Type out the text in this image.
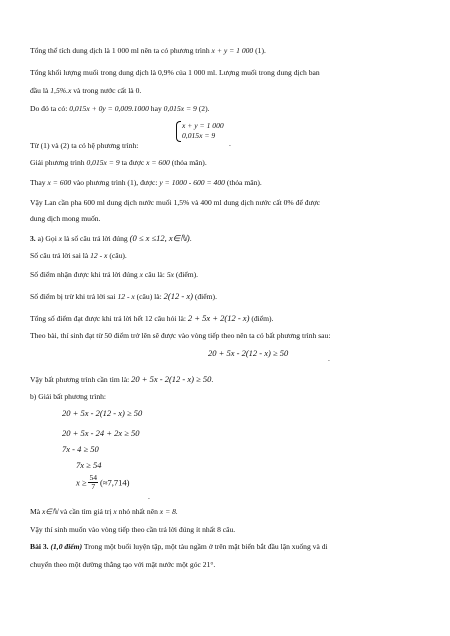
Tổng thể tích dung dịch là 1 000 ml nên ta có phương trình x + y = 1 000 (1).
Tổng khối lượng muối trong dung dịch là 0,9% của 1 000 ml. Lượng muối trong dung dịch ban
đầu là 1,5%.x và trong nước cất là 0.
Do đó ta có: 0,015x + 0y = 0,009.1000 hay 0,015x = 9 (2).
x + y = 1 000
0,015x = 9
Từ (1) và (2) ta có hệ phương trình:	.
Giải phương trình 0,015x = 9 ta được x = 600 (thỏa mãn).
Thay x = 600 vào phương trình (1), được: y = 1000 - 600 = 400 (thỏa mãn).
Vậy Lan cần pha 600 ml dung dịch nước muối 1,5% và 400 ml dung dịch nước cất 0% để được
dung dịch mong muốn.
3. a) Gọi x là số câu trả lời đúng (0 ≤ x ≤12, x∈ℕ).
Số câu trả lời sai là 12 - x (câu).
Số điểm nhận được khi trả lời đúng x câu là: 5x (điểm).
Số điểm bị trừ khi trả lời sai 12 - x (câu) là: 2(12 - x) (điểm).
Tổng số điểm đạt được khi trả lời hết 12 câu hỏi là: 2 + 5x + 2(12 - x) (điểm).
Theo bài, thí sinh đạt từ 50 điểm trở lên sẽ được vào vòng tiếp theo nên ta có bất phương trình sau:
20 + 5x - 2(12 - x) ≥ 50
.
Vậy bất phương trình cần tìm là: 20 + 5x - 2(12 - x) ≥ 50.
b) Giải bất phương trình:
20 + 5x - 2(12 - x) ≥ 50
20 + 5x - 24 + 2x ≥ 50
7x - 4 ≥ 50
7x ≥ 54
$x \ge \frac{54}{7} (\approx 7,714)$
.
Mà x∈ℕ và cần tìm giá trị x nhỏ nhất nên x = 8.
Vậy thí sinh muốn vào vòng tiếp theo cần trả lời đúng ít nhất 8 câu.
Bài 3. (1,0 điểm) Trong một buổi luyện tập, một tàu ngầm ở trên mặt biển bắt đầu lặn xuống và di
chuyển theo một đường thẳng tạo với mặt nước một góc 21°.
